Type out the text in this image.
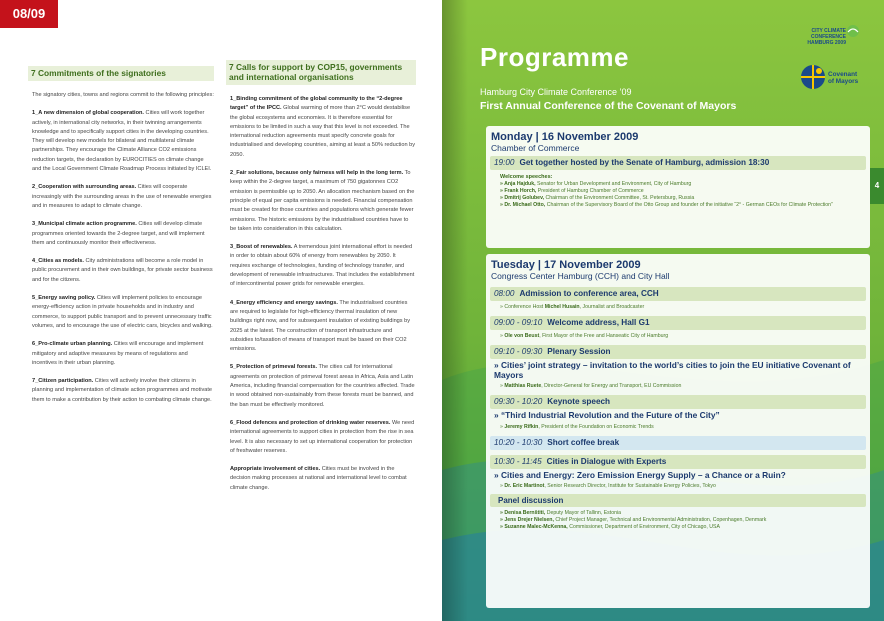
08/09
7 Commitments of the signatories
The signatory cities, towns and regions commit to the following principles:
1_A new dimension of global cooperation. Cities will work together actively, in international city networks, in their twinning arrangements knowledge and to specifically support cities in the developing countries. They will develop new models for bilateral and multilateral climate partnerships. They encourage the Climate Alliance CO2 emissions reduction targets, the declaration by EUROCITIES on climate change and the Local Government Climate Roadmap Process initiated by ICLEI.
2_Cooperation with surrounding areas. Cities will cooperate increasingly with the surrounding areas in the use of renewable energies and in measures to adapt to climate change.
3_Municipal climate action programme. Cities will develop climate programmes oriented towards the 2-degree target, and will implement them and continuously monitor their effectiveness.
4_Cities as models. City administrations will become a role model in public procurement and in their own buildings, for private sector business and for the citizens.
5_Energy saving policy. Cities will implement policies to encourage energy-efficiency action in private households and in industry and commerce, to support public transport and to prevent unnecessary traffic volumes, and to encourage the use of electric cars, bicycles and walking.
6_Pro-climate urban planning. Cities will encourage and implement mitigatory and adaptive measures by means of regulations and incentives in their urban planning.
7_Citizen participation. Cities will actively involve their citizens in planning and implementation of climate action programmes and motivate them to make a contribution by their action to combating climate change.
7 Calls for support by COP15, governments and international organisations
1_Binding commitment of the global community to the “2-degree target” of the IPCC. Global warming of more than 2°C would destabilise the global ecosystems and economies. It is therefore essential for emissions to be limited in such a way that this level is not exceeded. The international reduction agreements must specify concrete goals for industrialised and developing countries, aiming at least a 50% reduction by 2050.
2_Fair solutions, because only fairness will help in the long term. To keep within the 2-degree target, a maximum of 750 gigatonnes CO2 emission is permissible up to 2050. An allocation mechanism based on the principle of equal per capita emissions is needed. Financial compensation must be created for those countries and populations which generate fewer emissions. The historic emissions by the industrialised countries have to be taken into consideration in this calculation.
3_Boost of renewables. A tremendous joint international effort is needed in order to obtain about 60% of energy from renewables by 2050. It requires exchange of technologies, funding of technology transfer, and development of renewable infrastructures. That includes the establishment of intercontinental power grids for renewable energies.
4_Energy efficiency and energy savings. The industrialised countries are required to legislate for high-efficiency thermal insulation of new buildings right now, and for subsequent insulation of existing buildings by 2025 at the latest. The construction of transport infrastructure and subsidies to/taxation of means of transport must be based on their CO2 emissions.
5_Protection of primeval forests. The cities call for international agreements on protection of primeval forest areas in Africa, Asia and Latin America, including financial compensation for the countries affected. Trade in wood obtained non-sustainably from these forests must be banned, and the ban must be effectively monitored.
6_Flood defences and protection of drinking water reserves. We need international agreements to support cities in protection from the rise in sea level. It is also necessary to set up international cooperation for protection of freshwater reserves.
Appropriate involvement of cities. Cities must be involved in the decision making processes at national and international level to combat climate change.
Programme
Hamburg City Climate Conference ’09
First Annual Conference of the Covenant of Mayors
CITY CLIMATE CONFERENCE HAMBURG 2009
Covenant of Mayors
4
Monday | 16 November 2009
Chamber of Commerce
19:00 Get together hosted by the Senate of Hamburg, admission 18:30
Welcome speeches:
» Anja Hajduk, Senator for Urban Development and Environment, City of Hamburg
» Frank Horch, President of Hamburg Chamber of Commerce
» Dmitrij Golubev, Chairman of the Environment Committee, St. Petersburg, Russia
» Dr. Michael Otto, Chairman of the Supervisory Board of the Otto Group and founder of the initiative “2° - German CEOs for Climate Protection”
Tuesday | 17 November 2009
Congress Center Hamburg (CCH) and City Hall
08:00 Admission to conference area, CCH
» Conference Host Michel Husain, Journalist and Broadcaster
09:00 - 09:10 Welcome address, Hall G1
» Ole von Beust, First Mayor of the Free and Hanseatic City of Hamburg
09:10 - 09:30 Plenary Session
» Cities’ joint strategy – invitation to the world’s cities to join the EU initiative Covenant of Mayors
» Matthias Ruete, Director-General for Energy and Transport, EU Commission
09:30 - 10:20 Keynote speech
» “Third Industrial Revolution and the Future of the City”
» Jeremy Rifkin, President of the Foundation on Economic Trends
10:20 - 10:30 Short coffee break
10:30 - 11:45 Cities in Dialogue with Experts
» Cities and Energy: Zero Emission Energy Supply – a Chance or a Ruin?
» Dr. Eric Martinot, Senior Research Director, Institute for Sustainable Energy Policies, Tokyo
Panel discussion
» Denisa Bernštiti, Deputy Mayor of Tallinn, Estonia
» Jens Drejer Nielsen, Chief Project Manager, Technical and Environmental Administration, Copenhagen, Denmark
» Suzanne Malec-McKenna, Commissioner, Department of Environment, City of Chicago, USA
